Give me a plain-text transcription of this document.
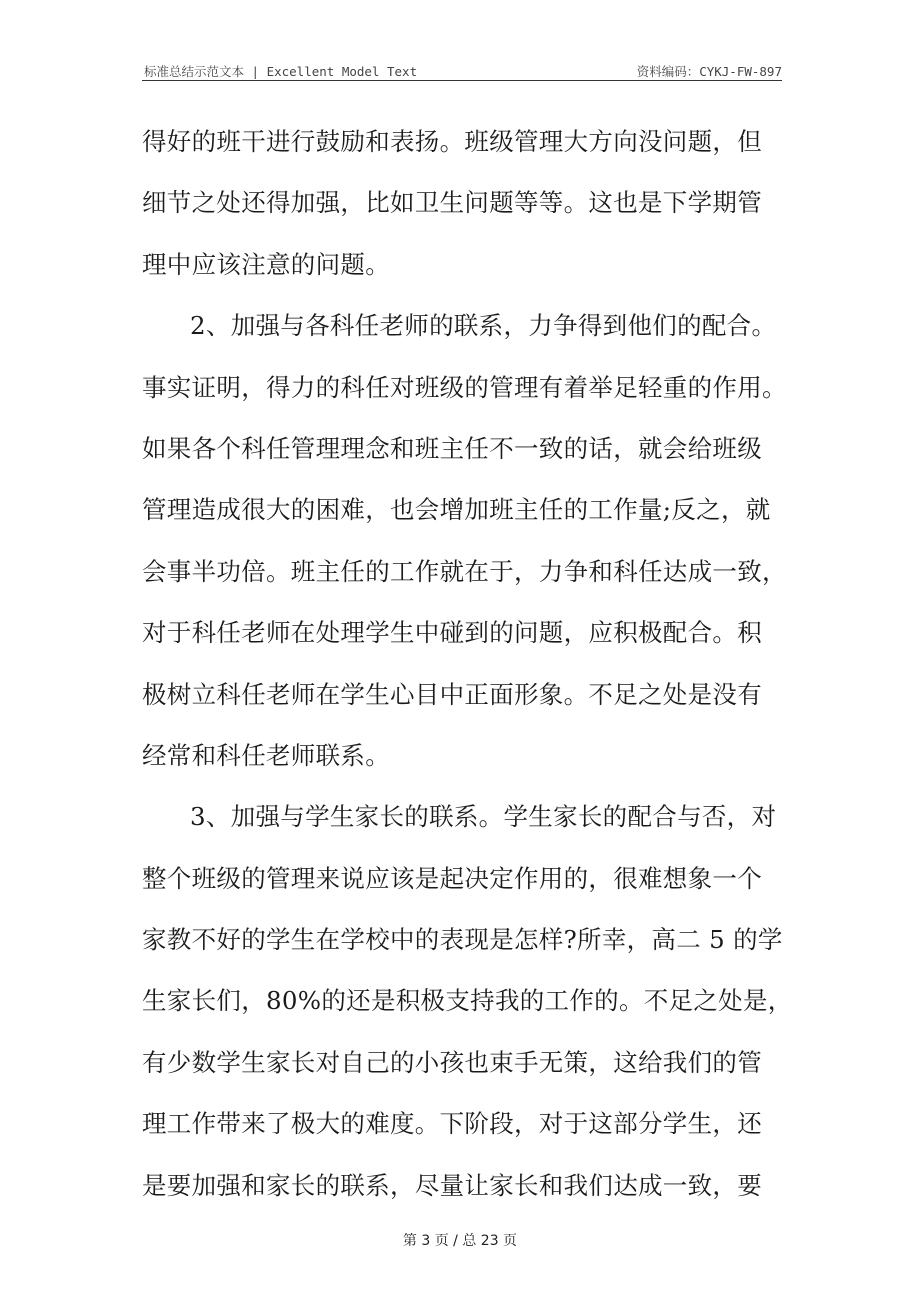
标准总结示范文本 | Excellent Model Text	资料编码：CYKJ-FW-897
得好的班干进行鼓励和表扬。班级管理大方向没问题，但
细节之处还得加强，比如卫生问题等等。这也是下学期管
理中应该注意的问题。
2、加强与各科任老师的联系，力争得到他们的配合。
事实证明，得力的科任对班级的管理有着举足轻重的作用。
如果各个科任管理理念和班主任不一致的话，就会给班级
管理造成很大的困难，也会增加班主任的工作量;反之，就
会事半功倍。班主任的工作就在于，力争和科任达成一致，
对于科任老师在处理学生中碰到的问题，应积极配合。积
极树立科任老师在学生心目中正面形象。不足之处是没有
经常和科任老师联系。
3、加强与学生家长的联系。学生家长的配合与否，对
整个班级的管理来说应该是起决定作用的，很难想象一个
家教不好的学生在学校中的表现是怎样?所幸，高二 5 的学
生家长们，80%的还是积极支持我的工作的。不足之处是，
有少数学生家长对自己的小孩也束手无策，这给我们的管
理工作带来了极大的难度。下阶段，对于这部分学生，还
是要加强和家长的联系，尽量让家长和我们达成一致，要
第 3 页 / 总 23 页
